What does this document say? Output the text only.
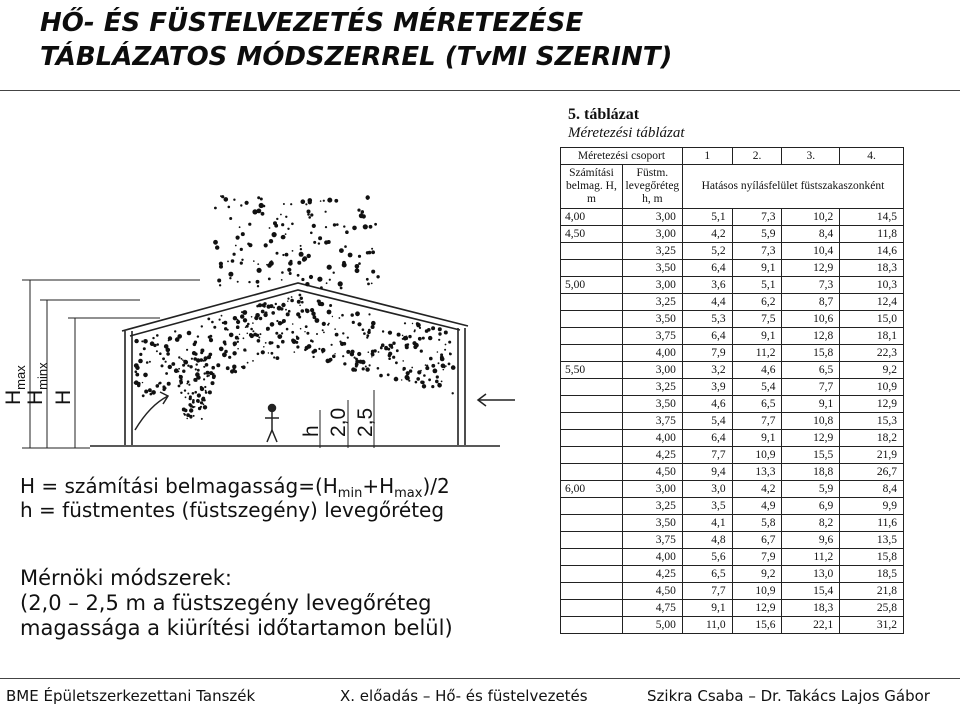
HŐ- ÉS FÜSTELVEZETÉS MÉRETEZÉSE
TÁBLÁZATOS MÓDSZERREL (TvMI SZERINT)
$H_{max}$
$H_{minx}$
H
h 2,0 2,5
H = számítási $belmagasság=(H_{min}+H_{max})/2$
h = füstmentes (füstszegény) levegőréteg
Mérnöki módszerek:
(2,0 – 2,5 m a füstszegény levegőréteg
magassága a kiürítési időtartamon belül)
5. táblázat
Méretezési táblázat
Méretezési csoport		1	2.	3.	4.
Számítási belmag. H, m	Füstm. levegőréteg h, m	Hatásos nyílásfelület füstszakaszonként			
4,00	3,00	5,1	7,3	10,2	14,5
4,50	3,00	4,2	5,9	8,4	11,8
	3,25	5,2	7,3	10,4	14,6
	3,50	6,4	9,1	12,9	18,3
5,00	3,00	3,6	5,1	7,3	10,3
	3,25	4,4	6,2	8,7	12,4
	3,50	5,3	7,5	10,6	15,0
	3,75	6,4	9,1	12,8	18,1
	4,00	7,9	11,2	15,8	22,3
5,50	3,00	3,2	4,6	6,5	9,2
	3,25	3,9	5,4	7,7	10,9
	3,50	4,6	6,5	9,1	12,9
	3,75	5,4	7,7	10,8	15,3
	4,00	6,4	9,1	12,9	18,2
	4,25	7,7	10,9	15,5	21,9
	4,50	9,4	13,3	18,8	26,7
6,00	3,00	3,0	4,2	5,9	8,4
	3,25	3,5	4,9	6,9	9,9
	3,50	4,1	5,8	8,2	11,6
	3,75	4,8	6,7	9,6	13,5
	4,00	5,6	7,9	11,2	15,8
	4,25	6,5	9,2	13,0	18,5
	4,50	7,7	10,9	15,4	21,8
	4,75	9,1	12,9	18,3	25,8
	5,00	11,0	15,6	22,1	31,2
BME Épületszerkezettani Tanszék	X. előadás – Hő- és füstelvezetés	Szikra Csaba – Dr. Takács Lajos Gábor
